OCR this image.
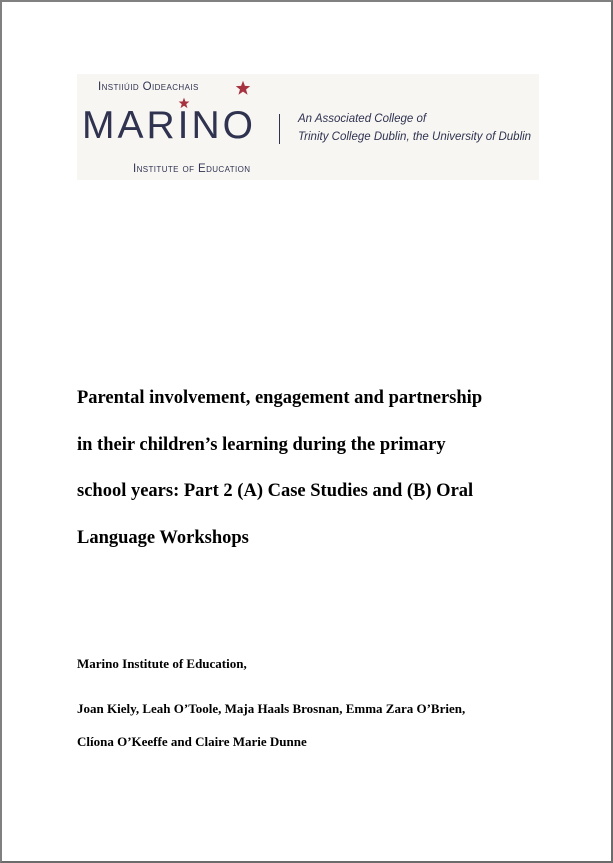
Instiiúid Oideachais
MARINO
Institute of Education
An Associated College of
Trinity College Dublin, the University of Dublin
Parental involvement, engagement and partnership
in their children’s learning during the primary
school years: Part 2 (A) Case Studies and (B) Oral
Language Workshops
Marino Institute of Education,
Joan Kiely, Leah O’Toole, Maja Haals Brosnan, Emma Zara O’Brien,
Clíona O’Keeffe and Claire Marie Dunne
